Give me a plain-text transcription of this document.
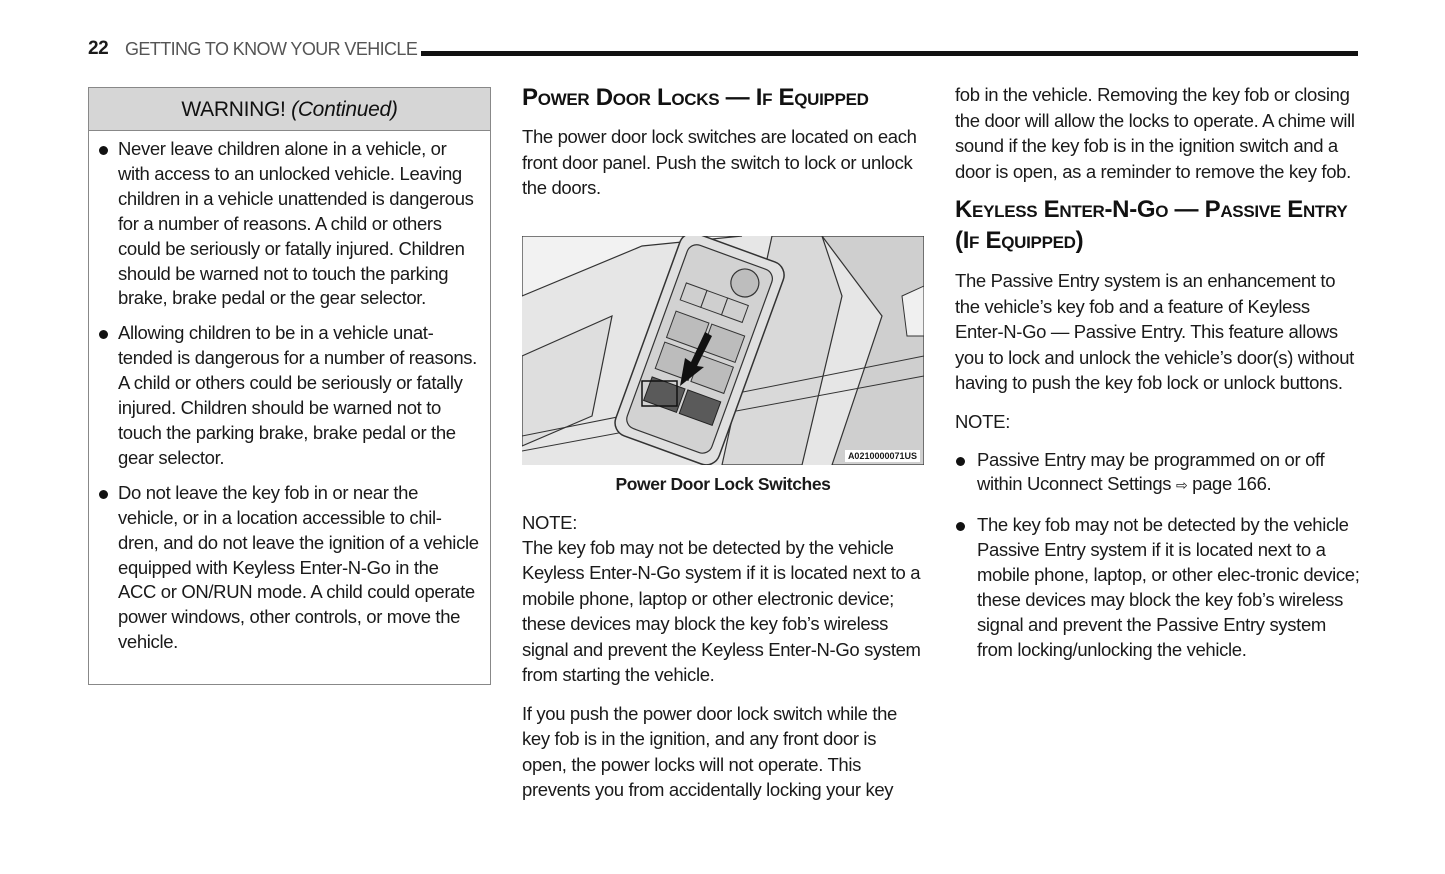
22 GETTING TO KNOW YOUR VEHICLE
WARNING! (Continued)
Never leave children alone in a vehicle, or with access to an unlocked vehicle. Leaving children in a vehicle unattended is dangerous for a number of reasons. A child or others could be seriously or fatally injured. Children should be warned not to touch the parking brake, brake pedal or the gear selector.
Allowing children to be in a vehicle unat-tended is dangerous for a number of reasons. A child or others could be seriously or fatally injured. Children should be warned not to touch the parking brake, brake pedal or the gear selector.
Do not leave the key fob in or near the vehicle, or in a location accessible to chil-dren, and do not leave the ignition of a vehicle equipped with Keyless Enter-N-Go in the ACC or ON/RUN mode. A child could operate power windows, other controls, or move the vehicle.
Power Door Locks — If Equipped

The power door lock switches are located on each front door panel. Push the switch to lock or unlock the doors.

A0210000071US
Power Door Lock Switches
NOTE:

The key fob may not be detected by the vehicle Keyless Enter-N-Go system if it is located next to a mobile phone, laptop or other electronic device; these devices may block the key fob’s wireless signal and prevent the Keyless Enter-N-Go system from starting the vehicle.

If you push the power door lock switch while the key fob is in the ignition, and any front door is open, the power locks will not operate. This prevents you from accidentally locking your key

fob in the vehicle. Removing the key fob or closing the door will allow the locks to operate. A chime will sound if the key fob is in the ignition switch and a door is open, as a reminder to remove the key fob.

Keyless Enter-N-Go — Passive Entry (If Equipped)

The Passive Entry system is an enhancement to the vehicle’s key fob and a feature of Keyless Enter-N-Go — Passive Entry. This feature allows you to lock and unlock the vehicle’s door(s) without having to push the key fob lock or unlock buttons.

NOTE:
Passive Entry may be programmed on or off within Uconnect Settings ⇨ page 166.
The key fob may not be detected by the vehicle Passive Entry system if it is located next to a mobile phone, laptop, or other elec-tronic device; these devices may block the key fob’s wireless signal and prevent the Passive Entry system from locking/unlocking the vehicle.
